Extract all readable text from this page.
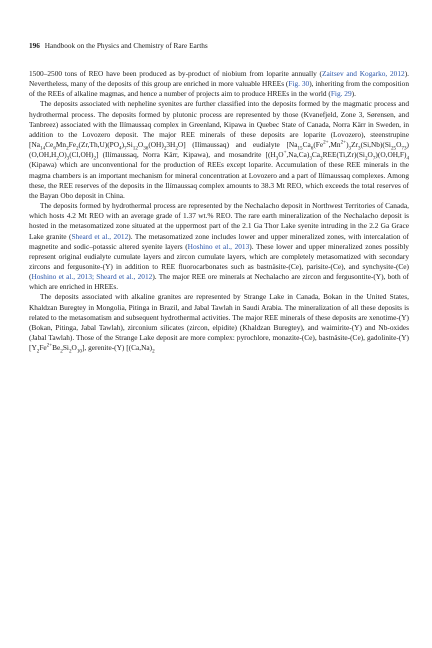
196 Handbook on the Physics and Chemistry of Rare Earths

1500–2500 tons of REO have been produced as by-product of niobium from loparite annually (Zaitsev and Kogarko, 2012). Nevertheless, many of the deposits of this group are enriched in more valuable HREEs (Fig. 30), inheriting from the composition of the REEs of alkaline magmas, and hence a number of projects aim to produce HREEs in the world (Fig. 29).

The deposits associated with nepheline syenites are further classified into the deposits formed by the magmatic process and hydrothermal process. The deposits formed by plutonic process are represented by those (Kvanefjeld, Zone 3, Sørensen, and Tanbreez) associated with the Ilímaussaq complex in Greenland, Kipawa in Quebec State of Canada, Norra Kärr in Sweden, in addition to the Lovozero deposit. The major REE minerals of these deposits are loparite (Lovozero), steenstrupine $[Na_{14}Ce_6Mn_2Fe_2(Zr,Th,U)(PO_4)_7Si_{12}O_{36}(OH)_23H_2O]$ (Ilímaussaq) and eudialyte $[Na_{15}Ca_6(Fe^{2+},Mn^{2+})_3Zr_3(Si,Nb)(Si_{25}O_{73})(O,OH,H_2O)_3(Cl,OH)_2]$ (Ilímaussaq, Norra Kärr, Kipawa), and mosandrite [$(H_3O^+,Na,Ca)_3Ca_3REE(Ti,Zr)(Si_2O_7)(O,OH,F)_4$ (Kipawa) which are unconventional for the production of REEs except loparite. Accumulation of these REE minerals in the magma chambers is an important mechanism for mineral concentration at Lovozero and a part of Ilímaussaq complexes. Among these, the REE reserves of the deposits in the Ilímaussaq complex amounts to 38.3 Mt REO, which exceeds the total reserves of the Bayan Obo deposit in China.

The deposits formed by hydrothermal process are represented by the Nechalacho deposit in Northwest Territories of Canada, which hosts 4.2 Mt REO with an average grade of 1.37 wt.% REO. The rare earth mineralization of the Nechalacho deposit is hosted in the metasomatized zone situated at the uppermost part of the 2.1 Ga Thor Lake syenite intruding in the 2.2 Ga Grace Lake granite (Sheard et al., 2012). The metasomatized zone includes lower and upper mineralized zones, with intercalation of magnetite and sodic–potassic altered syenite layers (Hoshino et al., 2013). These lower and upper mineralized zones possibly represent original eudialyte cumulate layers and zircon cumulate layers, which are completely metasomatized with secondary zircons and fergusonite-(Y) in addition to REE fluorocarbonates such as bastnäsite-(Ce), parisite-(Ce), and synchysite-(Ce) (Hoshino et al., 2013; Sheard et al., 2012). The major REE ore minerals at Nechalacho are zircon and fergusontite-(Y), both of which are enriched in HREEs.

The deposits associated with alkaline granites are represented by Strange Lake in Canada, Bokan in the United States, Khaldzan Buregtey in Mongolia, Pitinga in Brazil, and Jabal Tawlah in Saudi Arabia. The mineralization of all these deposits is related to the metasomatism and subsequent hydrothermal activities. The major REE minerals of these deposits are xenotime-(Y) (Bokan, Pitinga, Jabal Tawlah), zirconium silicates (zircon, elpidite) (Khaldzan Buregtey), and waimirite-(Y) and Nb-oxides (Jabal Tawlah). Those of the Strange Lake deposit are more complex: pyrochlore, monazite-(Ce), bastnäsite-(Ce), gadolinite-(Y) $[Y_2Fe^{2+}Be_2Si_2O_{10}]$, gerenite-(Y) [$(Ca,Na)_2$
